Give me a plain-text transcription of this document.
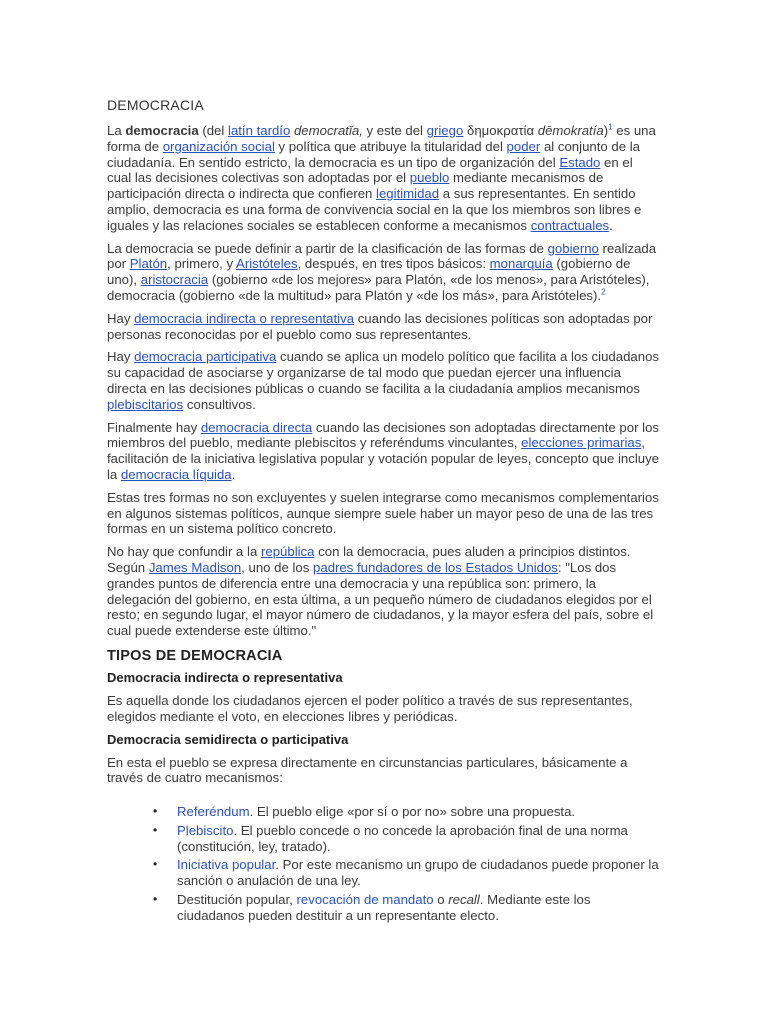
DEMOCRACIA

La democracia (del latín tardío democratĭa, y este del griego δημοκρατία dēmokratía)$^1$ es una forma de organización social y política que atribuye la titularidad del poder al conjunto de la ciudadanía. En sentido estricto, la democracia es un tipo de organización del Estado en el cual las decisiones colectivas son adoptadas por el pueblo mediante mecanismos de participación directa o indirecta que confieren legitimidad a sus representantes. En sentido amplio, democracia es una forma de convivencia social en la que los miembros son libres e iguales y las relaciones sociales se establecen conforme a mecanismos contractuales.

La democracia se puede definir a partir de la clasificación de las formas de gobierno realizada por Platón, primero, y Aristóteles, después, en tres tipos básicos: monarquía (gobierno de uno), aristocracia (gobierno «de los mejores» para Platón, «de los menos», para Aristóteles), democracia (gobierno «de la multitud» para Platón y «de los más», para Aristóteles).$^2$

Hay democracia indirecta o representativa cuando las decisiones políticas son adoptadas por personas reconocidas por el pueblo como sus representantes.

Hay democracia participativa cuando se aplica un modelo político que facilita a los ciudadanos su capacidad de asociarse y organizarse de tal modo que puedan ejercer una influencia directa en las decisiones públicas o cuando se facilita a la ciudadanía amplios mecanismos plebiscitarios consultivos.

Finalmente hay democracia directa cuando las decisiones son adoptadas directamente por los miembros del pueblo, mediante plebiscitos y referéndums vinculantes, elecciones primarias, facilitación de la iniciativa legislativa popular y votación popular de leyes, concepto que incluye la democracia líquida.

Estas tres formas no son excluyentes y suelen integrarse como mecanismos complementarios en algunos sistemas políticos, aunque siempre suele haber un mayor peso de una de las tres formas en un sistema político concreto.

No hay que confundir a la república con la democracia, pues aluden a principios distintos. Según James Madison, uno de los padres fundadores de los Estados Unidos: "Los dos grandes puntos de diferencia entre una democracia y una república son: primero, la delegación del gobierno, en esta última, a un pequeño número de ciudadanos elegidos por el resto; en segundo lugar, el mayor número de ciudadanos, y la mayor esfera del país, sobre el cual puede extenderse este último."

TIPOS DE DEMOCRACIA
Democracia indirecta o representativa

Es aquella donde los ciudadanos ejercen el poder político a través de sus representantes, elegidos mediante el voto, en elecciones libres y periódicas.

Democracia semidirecta o participativa

En esta el pueblo se expresa directamente en circunstancias particulares, básicamente a través de cuatro mecanismos:

• Referéndum. El pueblo elige «por sí o por no» sobre una propuesta.
• Plebiscito. El pueblo concede o no concede la aprobación final de una norma (constitución, ley, tratado).
• Iniciativa popular. Por este mecanismo un grupo de ciudadanos puede proponer la sanción o anulación de una ley.
• Destitución popular, revocación de mandato o recall. Mediante este los ciudadanos pueden destituir a un representante electo.
